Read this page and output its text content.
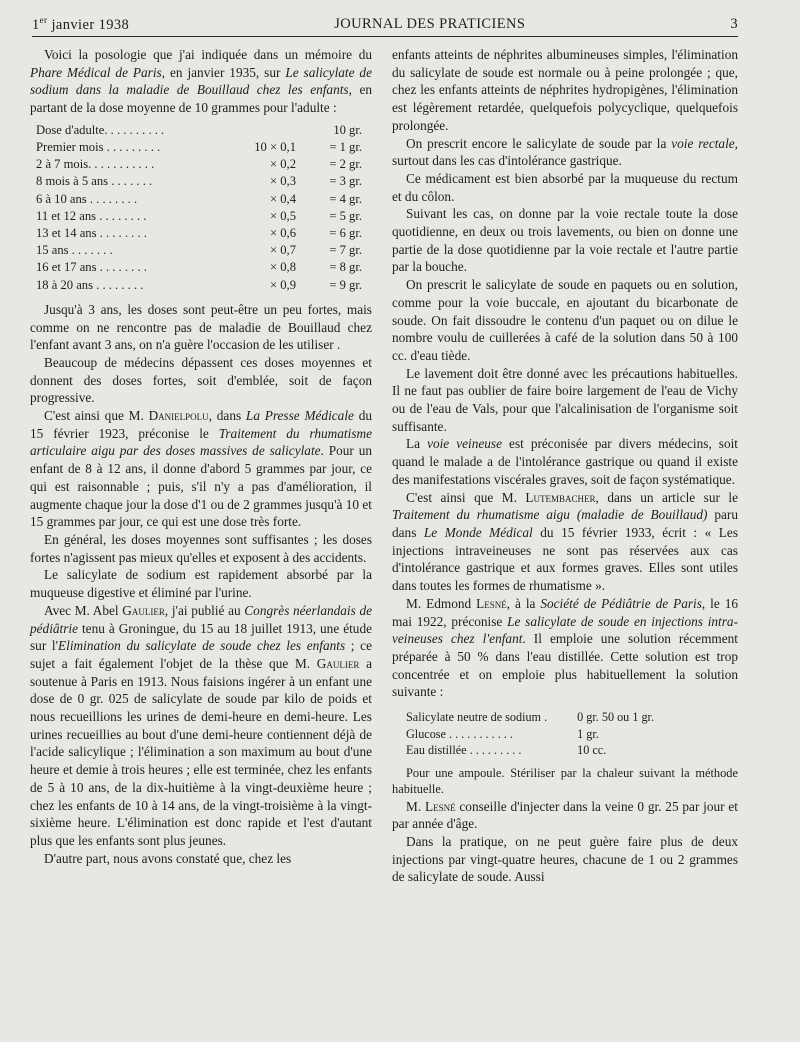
1er janvier 1938	JOURNAL DES PRATICIENS	3

Voici la posologie que j'ai indiquée dans un mémoire du Phare Médical de Paris, en janvier 1935, sur Le salicylate de sodium dans la maladie de Bouillaud chez les enfants, en partant de la dose moyenne de 10 grammes pour l'adulte :

Dose d'adulte. . . . . . . . . .		10 gr.
Premier mois . . . . . . . . .	10 × 0,1	= 1 gr.
2 à 7 mois. . . . . . . . . . .	× 0,2	= 2 gr.
8 mois à 5 ans . . . . . . .	× 0,3	= 3 gr.
6 à 10 ans . . . . . . . .	× 0,4	= 4 gr.
11 et 12 ans . . . . . . . .	× 0,5	= 5 gr.
13 et 14 ans . . . . . . . .	× 0,6	= 6 gr.
15 ans . . . . . . .	× 0,7	= 7 gr.
16 et 17 ans . . . . . . . .	× 0,8	= 8 gr.
18 à 20 ans . . . . . . . .	× 0,9	= 9 gr.

Jusqu'à 3 ans, les doses sont peut-être un peu fortes, mais comme on ne rencontre pas de maladie de Bouillaud chez l'enfant avant 3 ans, on n'a guère l'occasion de les utiliser .

Beaucoup de médecins dépassent ces doses moyennes et donnent des doses fortes, soit d'emblée, soit de façon progressive.

C'est ainsi que M. Danielpolu, dans La Presse Médicale du 15 février 1923, préconise le Traitement du rhumatisme articulaire aigu par des doses massives de salicylate. Pour un enfant de 8 à 12 ans, il donne d'abord 5 grammes par jour, ce qui est raisonnable ; puis, s'il n'y a pas d'amélioration, il augmente chaque jour la dose d'1 ou de 2 grammes jusqu'à 10 et 15 grammes par jour, ce qui est une dose très forte.

En général, les doses moyennes sont suffisantes ; les doses fortes n'agissent pas mieux qu'elles et exposent à des accidents.

Le salicylate de sodium est rapidement absorbé par la muqueuse digestive et éliminé par l'urine.

Avec M. Abel Gaulier, j'ai publié au Congrès néerlandais de pédiâtrie tenu à Groningue, du 15 au 18 juillet 1913, une étude sur l'Elimination du salicylate de soude chez les enfants ; ce sujet a fait également l'objet de la thèse que M. Gaulier a soutenue à Paris en 1913. Nous faisions ingérer à un enfant une dose de 0 gr. 025 de salicylate de soude par kilo de poids et nous recueillions les urines de demi-heure en demi-heure. Les urines recueillies au bout d'une demi-heure contiennent déjà de l'acide salicylique ; l'élimination a son maximum au bout d'une heure et demie à trois heures ; elle est terminée, chez les enfants de 5 à 10 ans, de la dix-huitième à la vingt-deuxième heure ; chez les enfants de 10 à 14 ans, de la vingt-troisième à la vingt-sixième heure. L'élimination est donc rapide et l'est d'autant plus que les enfants sont plus jeunes.

D'autre part, nous avons constaté que, chez les

enfants atteints de néphrites albumineuses simples, l'élimination du salicylate de soude est normale ou à peine prolongée ; que, chez les enfants atteints de néphrites hydropigènes, l'élimination est légèrement retardée, quelquefois polycyclique, quelquefois prolongée.

On prescrit encore le salicylate de soude par la voie rectale, surtout dans les cas d'intolérance gastrique.

Ce médicament est bien absorbé par la muqueuse du rectum et du côlon.

Suivant les cas, on donne par la voie rectale toute la dose quotidienne, en deux ou trois lavements, ou bien on donne une partie de la dose quotidienne par la voie rectale et l'autre partie par la bouche.

On prescrit le salicylate de soude en paquets ou en solution, comme pour la voie buccale, en ajoutant du bicarbonate de soude. On fait dissoudre le contenu d'un paquet ou on dilue le nombre voulu de cuillerées à café de la solution dans 50 à 100 cc. d'eau tiède.

Le lavement doit être donné avec les précautions habituelles. Il ne faut pas oublier de faire boire largement de l'eau de Vichy ou de l'eau de Vals, pour que l'alcalinisation de l'organisme soit suffisante.

La voie veineuse est préconisée par divers médecins, soit quand le malade a de l'intolérance gastrique ou quand il existe des manifestations viscérales graves, soit de façon systématique.

C'est ainsi que M. Lutembacher, dans un article sur le Traitement du rhumatisme aigu (maladie de Bouillaud) paru dans Le Monde Médical du 15 février 1933, écrit : « Les injections intraveineuses ne sont pas réservées aux cas d'intolérance gastrique et aux formes graves. Elles sont utiles dans toutes les formes de rhumatisme ».

M. Edmond Lesné, à la Société de Pédiâtrie de Paris, le 16 mai 1922, préconise Le salicylate de soude en injections intra-veineuses chez l'enfant. Il emploie une solution récemment préparée à 50 % dans l'eau distillée. Cette solution est trop concentrée et on emploie plus habituellement la solution suivante :

Salicylate neutre de sodium .	0 gr. 50 ou 1 gr.
Glucose . . . . . . . . . . .	1 gr.
Eau distillée . . . . . . . . .	10 cc.

Pour une ampoule. Stériliser par la chaleur suivant la méthode habituelle.

M. Lesné conseille d'injecter dans la veine 0 gr. 25 par jour et par année d'âge.

Dans la pratique, on ne peut guère faire plus de deux injections par vingt-quatre heures, chacune de 1 ou 2 grammes de salicylate de soude. Aussi
